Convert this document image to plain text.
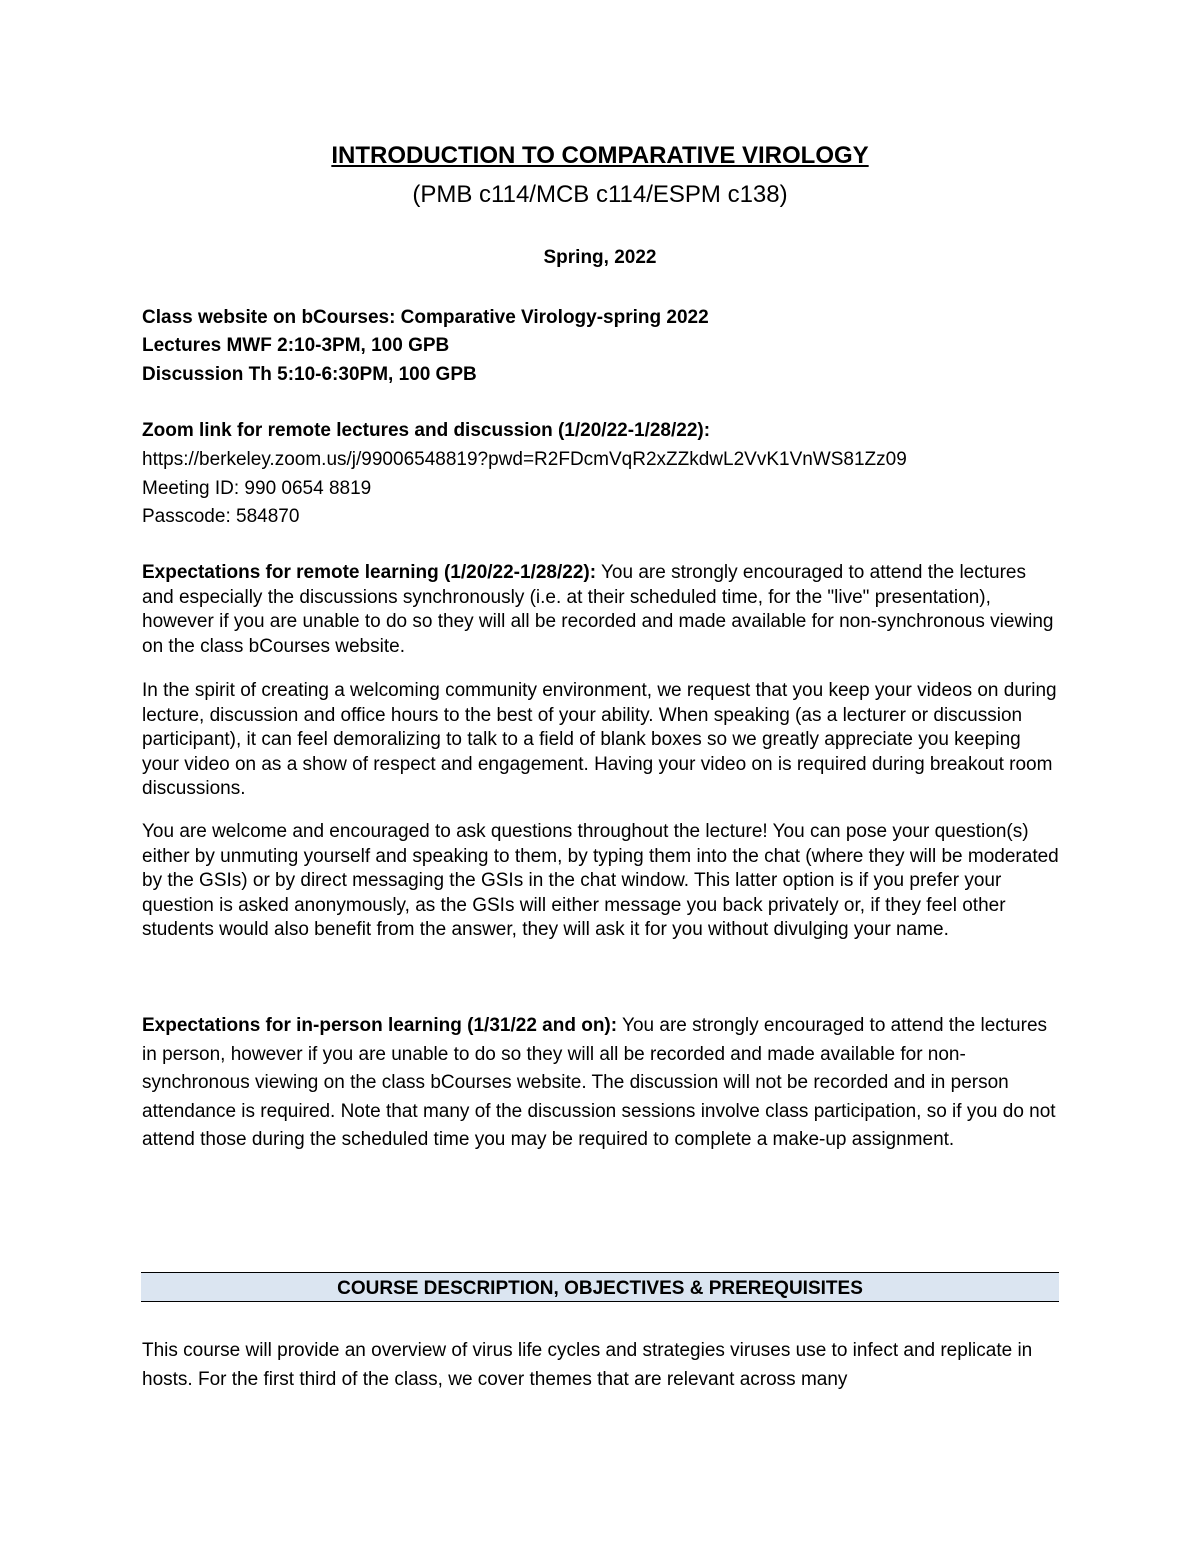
INTRODUCTION TO COMPARATIVE VIROLOGY
(PMB c114/MCB c114/ESPM c138)
Spring, 2022
Class website on bCourses: Comparative Virology-spring 2022
Lectures MWF 2:10-3PM, 100 GPB
Discussion Th 5:10-6:30PM, 100 GPB
Zoom link for remote lectures and discussion (1/20/22-1/28/22):
https://berkeley.zoom.us/j/99006548819?pwd=R2FDcmVqR2xZZkdwL2VvK1VnWS81Zz09
Meeting ID: 990 0654 8819
Passcode: 584870

Expectations for remote learning (1/20/22-1/28/22): You are strongly encouraged to attend the lectures and especially the discussions synchronously (i.e. at their scheduled time, for the "live" presentation), however if you are unable to do so they will all be recorded and made available for non-synchronous viewing on the class bCourses website.

In the spirit of creating a welcoming community environment, we request that you keep your videos on during lecture, discussion and office hours to the best of your ability. When speaking (as a lecturer or discussion participant), it can feel demoralizing to talk to a field of blank boxes so we greatly appreciate you keeping your video on as a show of respect and engagement. Having your video on is required during breakout room discussions.

You are welcome and encouraged to ask questions throughout the lecture! You can pose your question(s) either by unmuting yourself and speaking to them, by typing them into the chat (where they will be moderated by the GSIs) or by direct messaging the GSIs in the chat window. This latter option is if you prefer your question is asked anonymously, as the GSIs will either message you back privately or, if they feel other students would also benefit from the answer, they will ask it for you without divulging your name.

Expectations for in-person learning (1/31/22 and on): You are strongly encouraged to attend the lectures in person, however if you are unable to do so they will all be recorded and made available for non-synchronous viewing on the class bCourses website. The discussion will not be recorded and in person attendance is required. Note that many of the discussion sessions involve class participation, so if you do not attend those during the scheduled time you may be required to complete a make-up assignment.

COURSE DESCRIPTION, OBJECTIVES & PREREQUISITES

This course will provide an overview of virus life cycles and strategies viruses use to infect and replicate in hosts. For the first third of the class, we cover themes that are relevant across many
